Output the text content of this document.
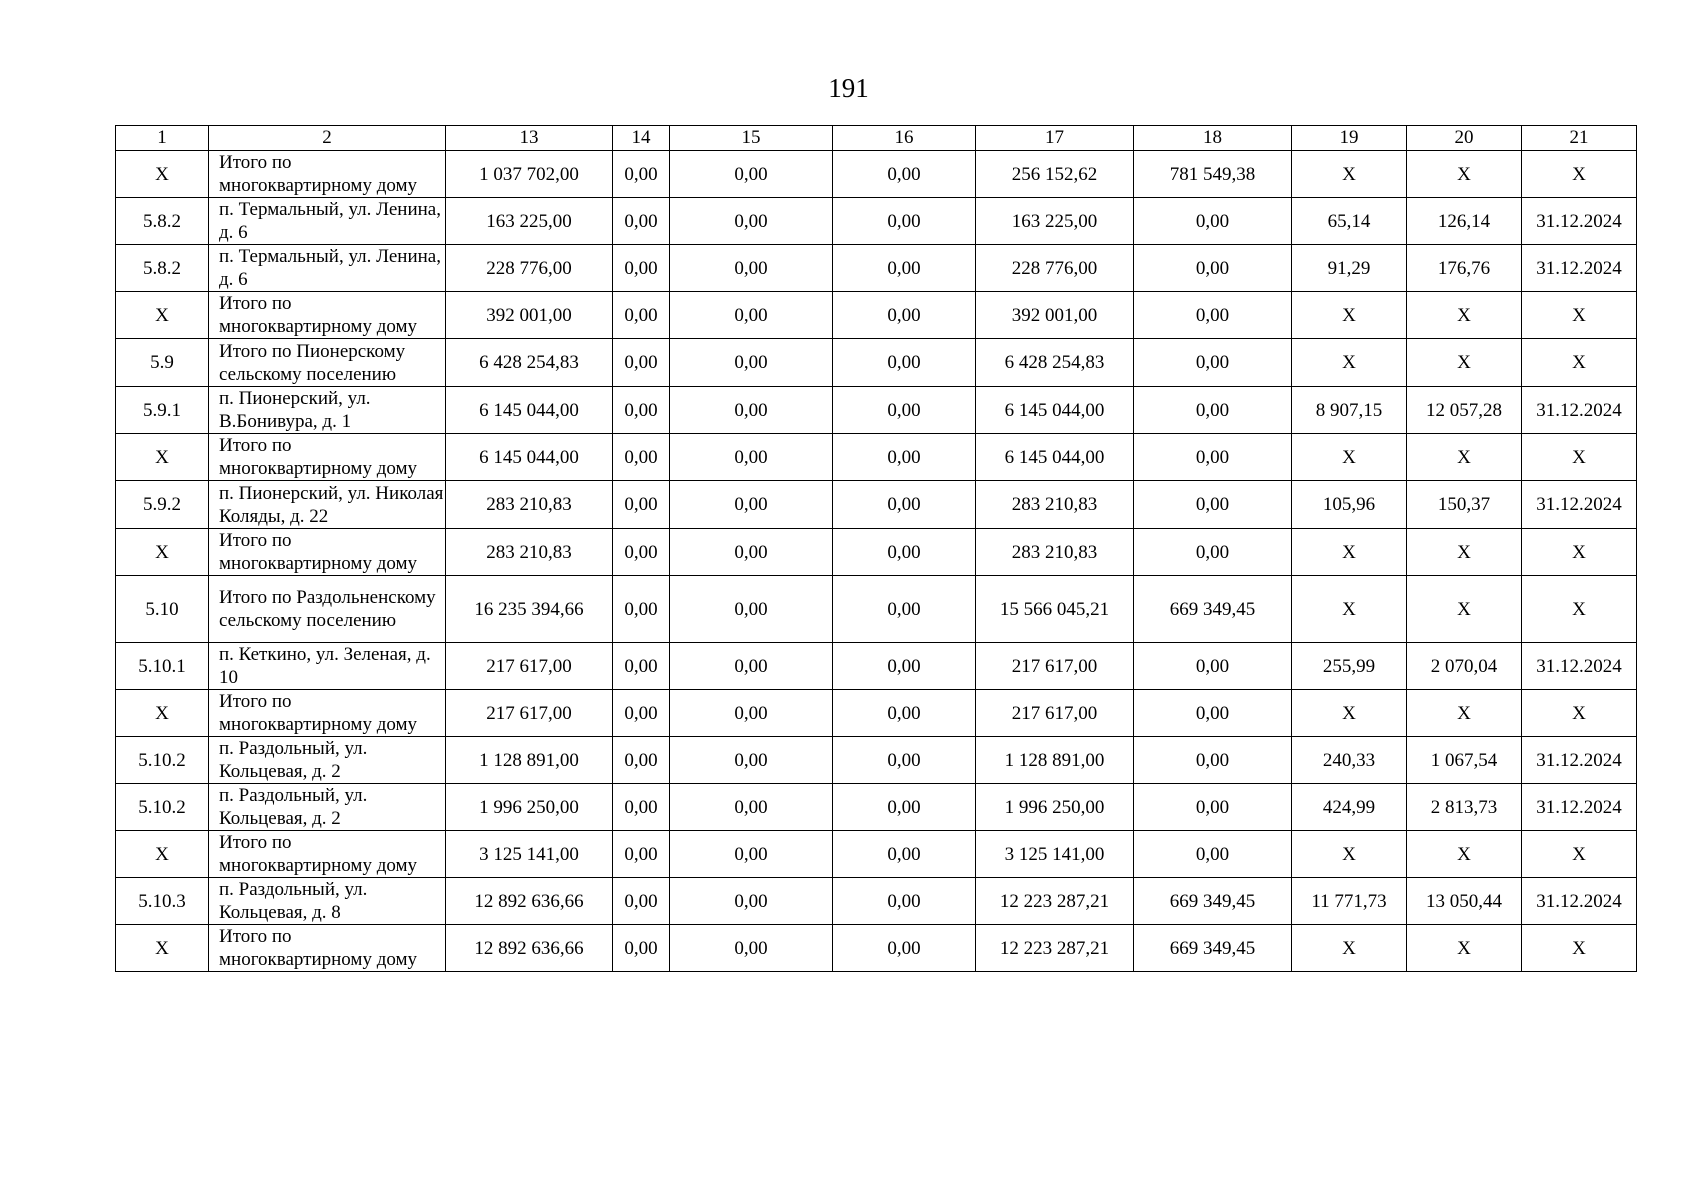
191
1	2	13	14	15	16	17	18	19	20	21
X	Итого по многоквартирному дому	1 037 702,00	0,00	0,00	0,00	256 152,62	781 549,38	X	X	X
5.8.2	п. Термальный, ул. Ленина, д. 6	163 225,00	0,00	0,00	0,00	163 225,00	0,00	65,14	126,14	31.12.2024
5.8.2	п. Термальный, ул. Ленина, д. 6	228 776,00	0,00	0,00	0,00	228 776,00	0,00	91,29	176,76	31.12.2024
X	Итого по многоквартирному дому	392 001,00	0,00	0,00	0,00	392 001,00	0,00	X	X	X
5.9	Итого по Пионерскому сельскому поселению	6 428 254,83	0,00	0,00	0,00	6 428 254,83	0,00	X	X	X
5.9.1	п. Пионерский, ул. В.Бонивура, д. 1	6 145 044,00	0,00	0,00	0,00	6 145 044,00	0,00	8 907,15	12 057,28	31.12.2024
X	Итого по многоквартирному дому	6 145 044,00	0,00	0,00	0,00	6 145 044,00	0,00	X	X	X
5.9.2	п. Пионерский, ул. Николая Коляды, д. 22	283 210,83	0,00	0,00	0,00	283 210,83	0,00	105,96	150,37	31.12.2024
X	Итого по многоквартирному дому	283 210,83	0,00	0,00	0,00	283 210,83	0,00	X	X	X
5.10	Итого по Раздольненскому сельскому поселению	16 235 394,66	0,00	0,00	0,00	15 566 045,21	669 349,45	X	X	X
5.10.1	п. Кеткино, ул. Зеленая, д. 10	217 617,00	0,00	0,00	0,00	217 617,00	0,00	255,99	2 070,04	31.12.2024
X	Итого по многоквартирному дому	217 617,00	0,00	0,00	0,00	217 617,00	0,00	X	X	X
5.10.2	п. Раздольный, ул. Кольцевая, д. 2	1 128 891,00	0,00	0,00	0,00	1 128 891,00	0,00	240,33	1 067,54	31.12.2024
5.10.2	п. Раздольный, ул. Кольцевая, д. 2	1 996 250,00	0,00	0,00	0,00	1 996 250,00	0,00	424,99	2 813,73	31.12.2024
X	Итого по многоквартирному дому	3 125 141,00	0,00	0,00	0,00	3 125 141,00	0,00	X	X	X
5.10.3	п. Раздольный, ул. Кольцевая, д. 8	12 892 636,66	0,00	0,00	0,00	12 223 287,21	669 349,45	11 771,73	13 050,44	31.12.2024
X	Итого по многоквартирному дому	12 892 636,66	0,00	0,00	0,00	12 223 287,21	669 349,45	X	X	X
